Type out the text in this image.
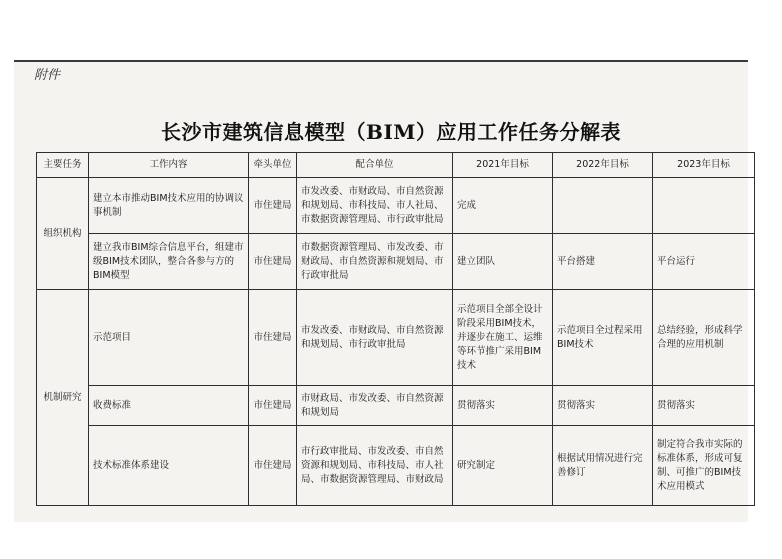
附件
长沙市建筑信息模型（BIM）应用工作任务分解表
主要任务	工作内容	牵头单位	配合单位	2021年目标	2022年目标	2023年目标
组织机构	建立本市推动BIM技术应用的协调议事机制	市住建局	市发改委、市财政局、市自然资源和规划局、市科技局、市人社局、市数据资源管理局、市行政审批局	完成		
	建立我市BIM综合信息平台，组建市级BIM技术团队，整合各参与方的BIM模型	市住建局	市数据资源管理局、市发改委、市财政局、市自然资源和规划局、市行政审批局	建立团队	平台搭建	平台运行
机制研究	示范项目	市住建局	市发改委、市财政局、市自然资源和规划局、市行政审批局	示范项目全部全设计阶段采用BIM技术，并逐步在施工、运维等环节推广采用BIM技术	示范项目全过程采用BIM技术	总结经验，形成科学合理的应用机制
	收费标准	市住建局	市财政局、市发改委、市自然资源和规划局	贯彻落实	贯彻落实	贯彻落实
	技术标准体系建设	市住建局	市行政审批局、市发改委、市自然资源和规划局、市科技局、市人社局、市数据资源管理局、市财政局	研究制定	根据试用情况进行完善修订	制定符合我市实际的标准体系，形成可复制、可推广的BIM技术应用模式
